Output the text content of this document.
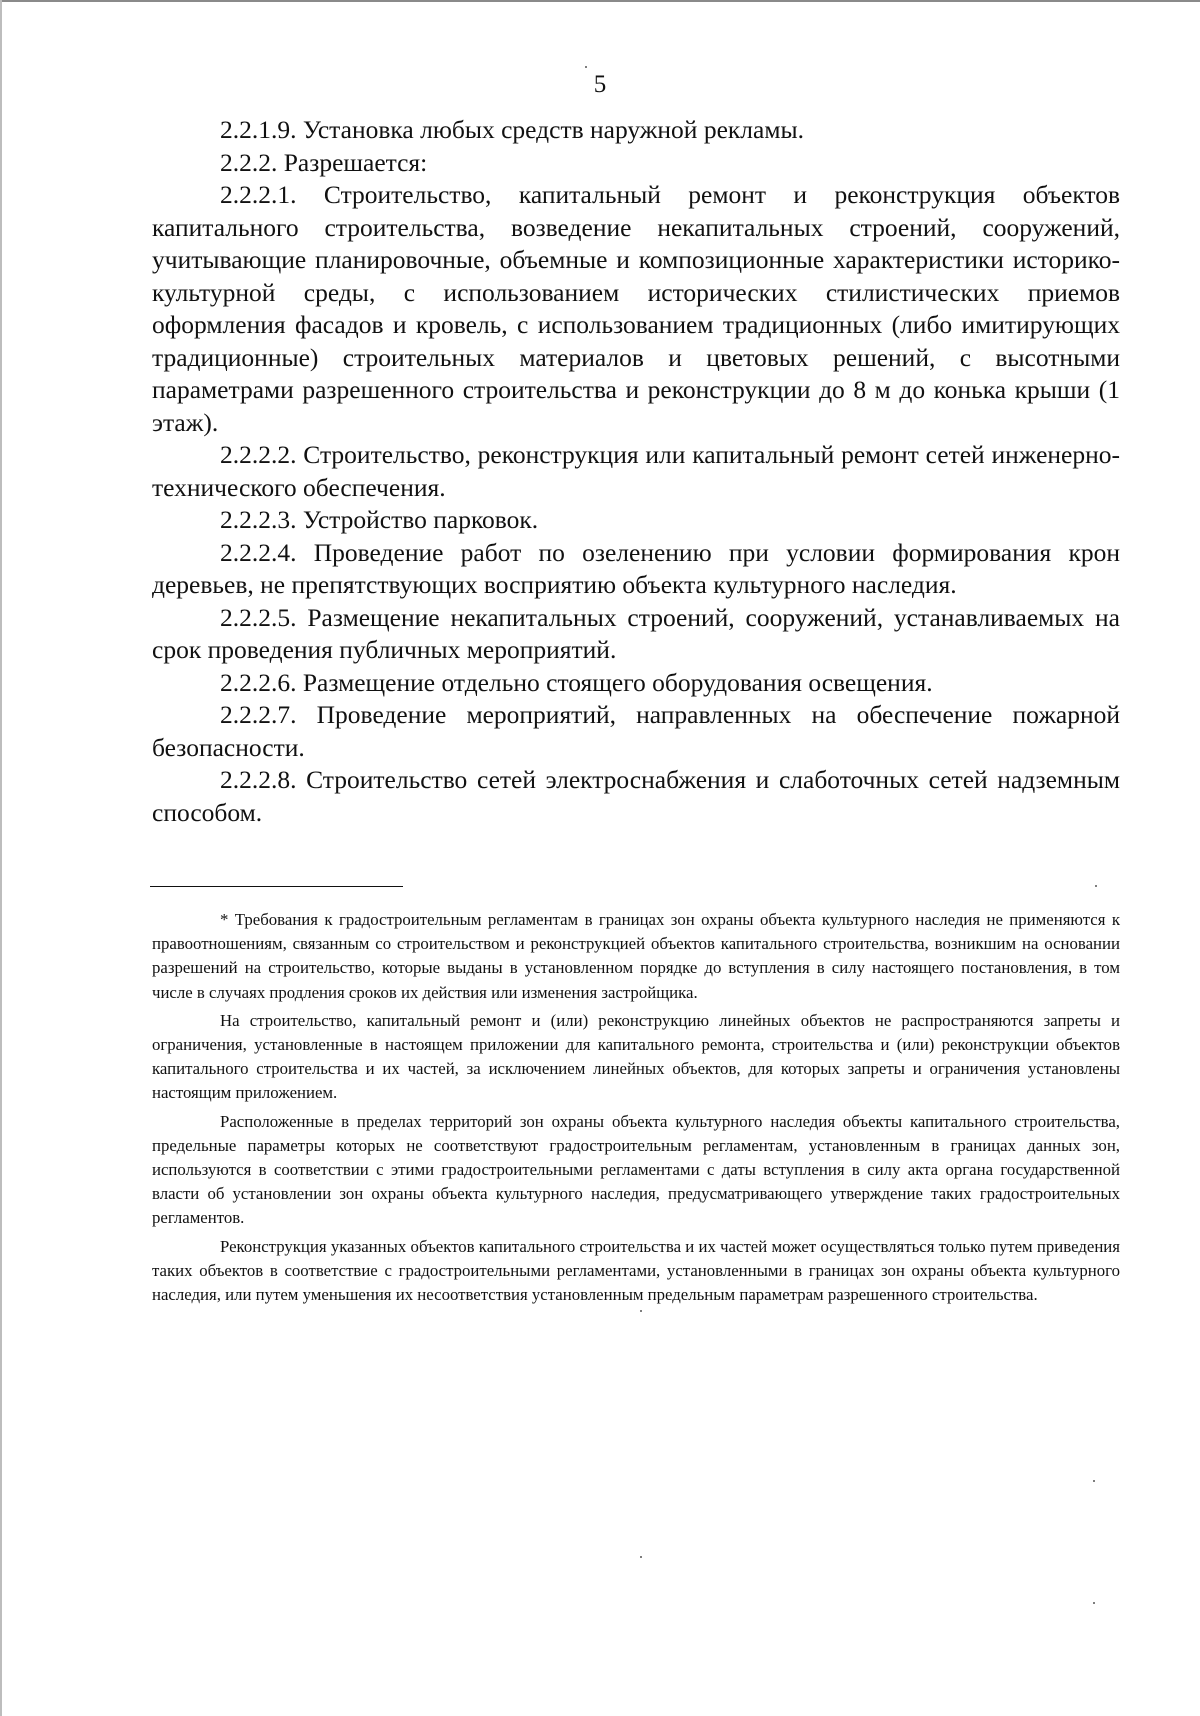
5

2.2.1.9. Установка любых средств наружной рекламы.

2.2.2. Разрешается:

2.2.2.1. Строительство, капитальный ремонт и реконструкция объектов капитального строительства, возведение некапитальных строений, сооружений, учитывающие планировочные, объемные и композиционные характеристики историко-культурной среды, с использованием исторических стилистических приемов оформления фасадов и кровель, с использованием традиционных (либо имитирующих традиционные) строительных материалов и цветовых решений, с высотными параметрами разрешенного строительства и реконструкции до 8 м до конька крыши (1 этаж).

2.2.2.2. Строительство, реконструкция или капитальный ремонт сетей инженерно-технического обеспечения.

2.2.2.3. Устройство парковок.

2.2.2.4. Проведение работ по озеленению при условии формирования крон деревьев, не препятствующих восприятию объекта культурного наследия.

2.2.2.5. Размещение некапитальных строений, сооружений, устанавливаемых на срок проведения публичных мероприятий.

2.2.2.6. Размещение отдельно стоящего оборудования освещения.

2.2.2.7. Проведение мероприятий, направленных на обеспечение пожарной безопасности.

2.2.2.8. Строительство сетей электроснабжения и слаботочных сетей надземным способом.

* Требования к градостроительным регламентам в границах зон охраны объекта культурного наследия не применяются к правоотношениям, связанным со строительством и реконструкцией объектов капитального строительства, возникшим на основании разрешений на строительство, которые выданы в установленном порядке до вступления в силу настоящего постановления, в том числе в случаях продления сроков их действия или изменения застройщика.

На строительство, капитальный ремонт и (или) реконструкцию линейных объектов не распространяются запреты и ограничения, установленные в настоящем приложении для капитального ремонта, строительства и (или) реконструкции объектов капитального строительства и их частей, за исключением линейных объектов, для которых запреты и ограничения установлены настоящим приложением.

Расположенные в пределах территорий зон охраны объекта культурного наследия объекты капитального строительства, предельные параметры которых не соответствуют градостроительным регламентам, установленным в границах данных зон, используются в соответствии с этими градостроительными регламентами с даты вступления в силу акта органа государственной власти об установлении зон охраны объекта культурного наследия, предусматривающего утверждение таких градостроительных регламентов.

Реконструкция указанных объектов капитального строительства и их частей может осуществляться только путем приведения таких объектов в соответствие с градостроительными регламентами, установленными в границах зон охраны объекта культурного наследия, или путем уменьшения их несоответствия установленным предельным параметрам разрешенного строительства.
